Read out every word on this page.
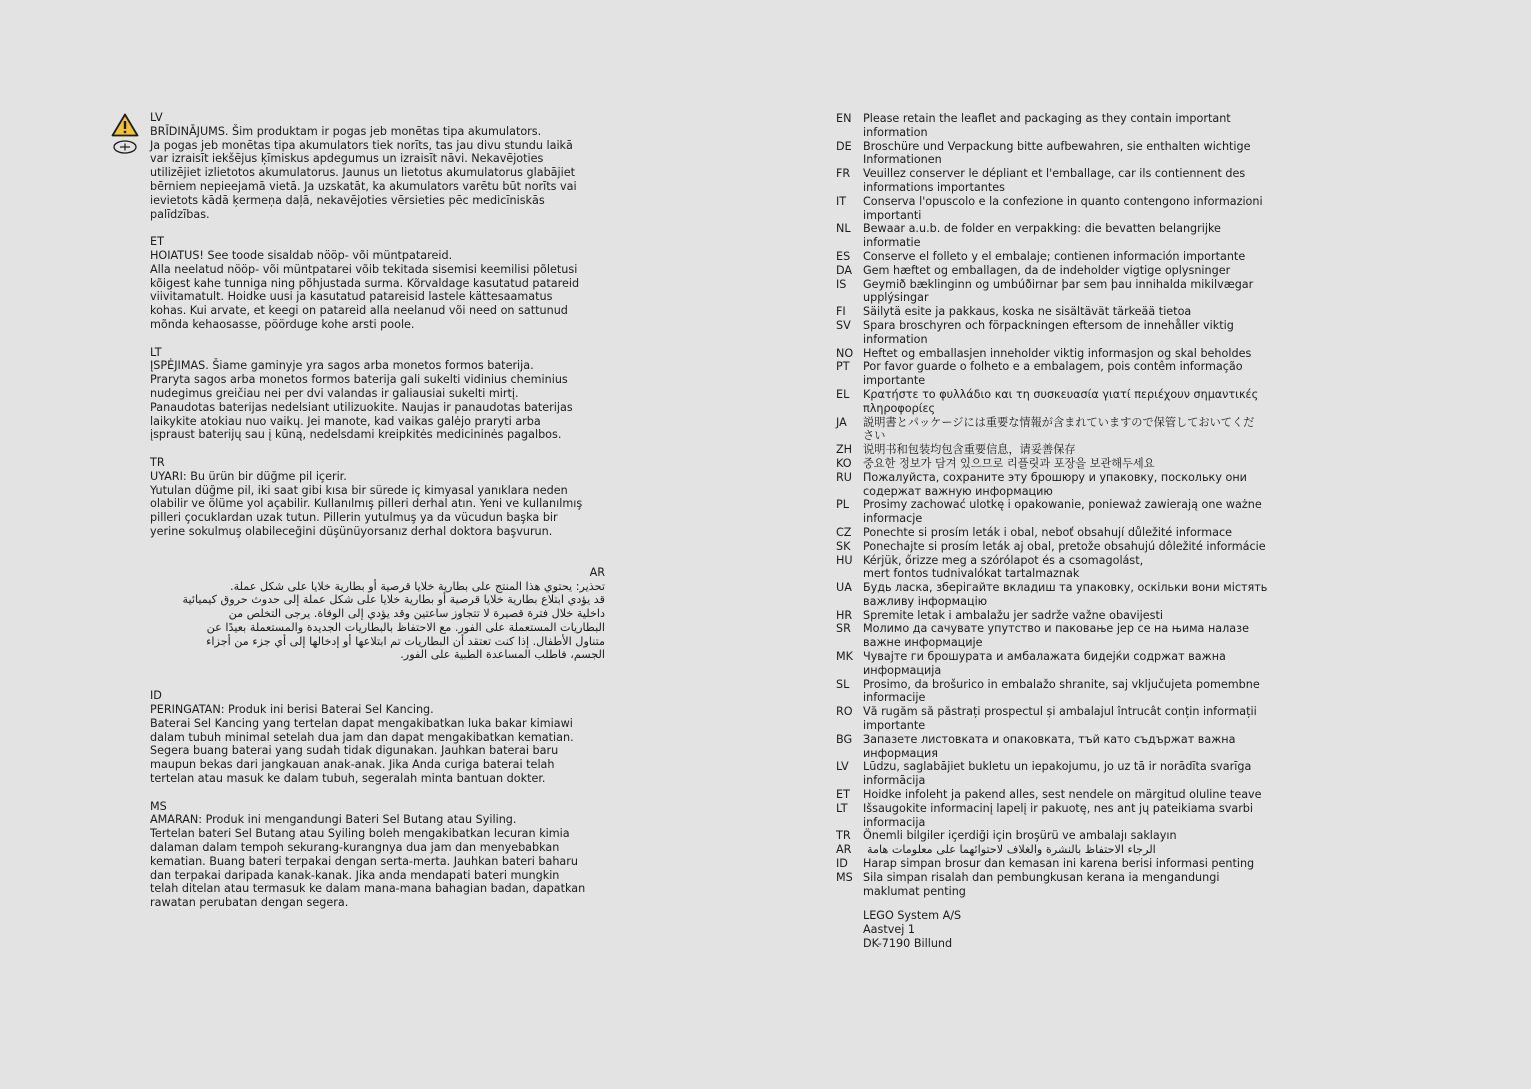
LV
BRĪDINĀJUMS. Šim produktam ir pogas jeb monētas tipa akumulators.
Ja pogas jeb monētas tipa akumulators tiek norīts, tas jau divu stundu laikā
var izraisīt iekšējus ķīmiskus apdegumus un izraisīt nāvi. Nekavējoties
utilizējiet izlietotos akumulatorus. Jaunus un lietotus akumulatorus glabājiet
bērniem nepieejamā vietā. Ja uzskatāt, ka akumulators varētu būt norīts vai
ievietots kādā ķermeņa daļā, nekavējoties vērsieties pēc medicīniskās
palīdzības.
ET
HOIATUS! See toode sisaldab nööp- või müntpatareid.
Alla neelatud nööp- või müntpatarei võib tekitada sisemisi keemilisi põletusi
kõigest kahe tunniga ning põhjustada surma. Kõrvaldage kasutatud patareid
viivitamatult. Hoidke uusi ja kasutatud patareisid lastele kättesaamatus
kohas. Kui arvate, et keegi on patareid alla neelanud või need on sattunud
mõnda kehaosasse, pöörduge kohe arsti poole.
LT
ĮSPĖJIMAS. Šiame gaminyje yra sagos arba monetos formos baterija.
Praryta sagos arba monetos formos baterija gali sukelti vidinius cheminius
nudegimus greičiau nei per dvi valandas ir galiausiai sukelti mirtį.
Panaudotas baterijas nedelsiant utilizuokite. Naujas ir panaudotas baterijas
laikykite atokiau nuo vaikų. Jei manote, kad vaikas galėjo praryti arba
įspraust baterijų sau į kūną, nedelsdami kreipkitės medicininės pagalbos.
TR
UYARI: Bu ürün bir düğme pil içerir.
Yutulan düğme pil, iki saat gibi kısa bir sürede iç kimyasal yanıklara neden
olabilir ve ölüme yol açabilir. Kullanılmış pilleri derhal atın. Yeni ve kullanılmış
pilleri çocuklardan uzak tutun. Pillerin yutulmuş ya da vücudun başka bir
yerine sokulmuş olabileceğini düşünüyorsanız derhal doktora başvurun.
AR
تحذير: يحتوي هذا المنتج على بطارية خلايا قرصية أو بطارية خلايا على شكل عملة.
قد يؤدي ابتلاع بطارية خلايا قرصية أو بطارية خلايا على شكل عملة إلى حدوث حروق كيميائية
داخلية خلال فترة قصيرة لا تتجاوز ساعتين وقد يؤدي إلى الوفاة. يرجى التخلص من
البطاريات المستعملة على الفور. مع الاحتفاظ بالبطاريات الجديدة والمستعملة بعيدًا عن
متناول الأطفال. إذا كنت تعتقد أن البطاريات تم ابتلاعها أو إدخالها إلى أي جزء من أجزاء
الجسم، فاطلب المساعدة الطبية على الفور.
ID
PERINGATAN: Produk ini berisi Baterai Sel Kancing.
Baterai Sel Kancing yang tertelan dapat mengakibatkan luka bakar kimiawi
dalam tubuh minimal setelah dua jam dan dapat mengakibatkan kematian.
Segera buang baterai yang sudah tidak digunakan. Jauhkan baterai baru
maupun bekas dari jangkauan anak-anak. Jika Anda curiga baterai telah
tertelan atau masuk ke dalam tubuh, segeralah minta bantuan dokter.
MS
AMARAN: Produk ini mengandungi Bateri Sel Butang atau Syiling.
Tertelan bateri Sel Butang atau Syiling boleh mengakibatkan lecuran kimia
dalaman dalam tempoh sekurang-kurangnya dua jam dan menyebabkan
kematian. Buang bateri terpakai dengan serta-merta. Jauhkan bateri baharu
dan terpakai daripada kanak-kanak. Jika anda mendapati bateri mungkin
telah ditelan atau termasuk ke dalam mana-mana bahagian badan, dapatkan
rawatan perubatan dengan segera.
EN	Please retain the leaflet and packaging as they contain important
information
DE	Broschüre und Verpackung bitte aufbewahren, sie enthalten wichtige
Informationen
FR	Veuillez conserver le dépliant et l'emballage, car ils contiennent des
informations importantes
IT	Conserva l'opuscolo e la confezione in quanto contengono informazioni
importanti
NL	Bewaar a.u.b. de folder en verpakking: die bevatten belangrijke
informatie
ES	Conserve el folleto y el embalaje; contienen información importante
DA Gem hæftet og emballagen, da de indeholder vigtige oplysninger
IS	Geymið bæklinginn og umbúðirnar þar sem þau innihalda mikilvægar
upplýsingar
FI	Säilytä esite ja pakkaus, koska ne sisältävät tärkeää tietoa
SV	Spara broschyren och förpackningen eftersom de innehåller viktig
information
NO Heftet og emballasjen inneholder viktig informasjon og skal beholdes
PT	Por favor guarde o folheto e a embalagem, pois contêm informação
importante
EL	Κρατήστε το φυλλάδιο και τη συσκευασία γιατί περιέχουν σημαντικές
πληροφορίες
JA	説明書とパッケージには重要な情報が含まれていますので保管しておいてくだ
さい
ZH 说明书和包装均包含重要信息，请妥善保存
KO	중요한 정보가 담겨 있으므로 리플릿과 포장을 보관해두세요
RU Пожалуйста, сохраните эту брошюру и упаковку, поскольку они
содержат важную информацию
PL	Prosimy zachować ulotkę i opakowanie, ponieważ zawierają one ważne
informacje
CZ	Ponechte si prosím leták i obal, neboť obsahují důležité informace
SK	Ponechajte si prosím leták aj obal, pretože obsahujú dôležité informácie
HU Kérjük, őrizze meg a szórólapot és a csomagolást,
mert fontos tudnivalókat tartalmaznak
UA Будь ласка, зберігайте вкладиш та упаковку, оскільки вони містять
важливу інформацію
HR Spremite letak i ambalažu jer sadrže važne obavijesti
SR	Молимо да сачувате упутство и паковање јер се на њима налазе
важне информације
MK Чувајте ги брошурата и амбалажата бидејќи содржат важна
информација
SL	Prosimo, da brošurico in embalažo shranite, saj vključujeta pomembne
informacije
RO Vă rugăm să păstrați prospectul și ambalajul întrucât conțin informații
importante
BG Запазете листовката и опаковката, тъй като съдържат важна
информация
LV	Lūdzu, saglabājiet bukletu un iepakojumu, jo uz tā ir norādīta svarīga
informācija
ET	Hoidke infoleht ja pakend alles, sest nendele on märgitud oluline teave
LT	Išsaugokite informacinį lapelį ir pakuotę, nes ant jų pateikiama svarbi
informacija
TR	Önemli bilgiler içerdiği için broşürü ve ambalajı saklayın
AR	الرجاء الاحتفاظ بالنشرة والغلاف لاحتوائهما على معلومات هامة
ID	Harap simpan brosur dan kemasan ini karena berisi informasi penting
MS Sila simpan risalah dan pembungkusan kerana ia mengandungi
maklumat penting
LEGO System A/S
Aastvej 1
DK-7190 Billund
